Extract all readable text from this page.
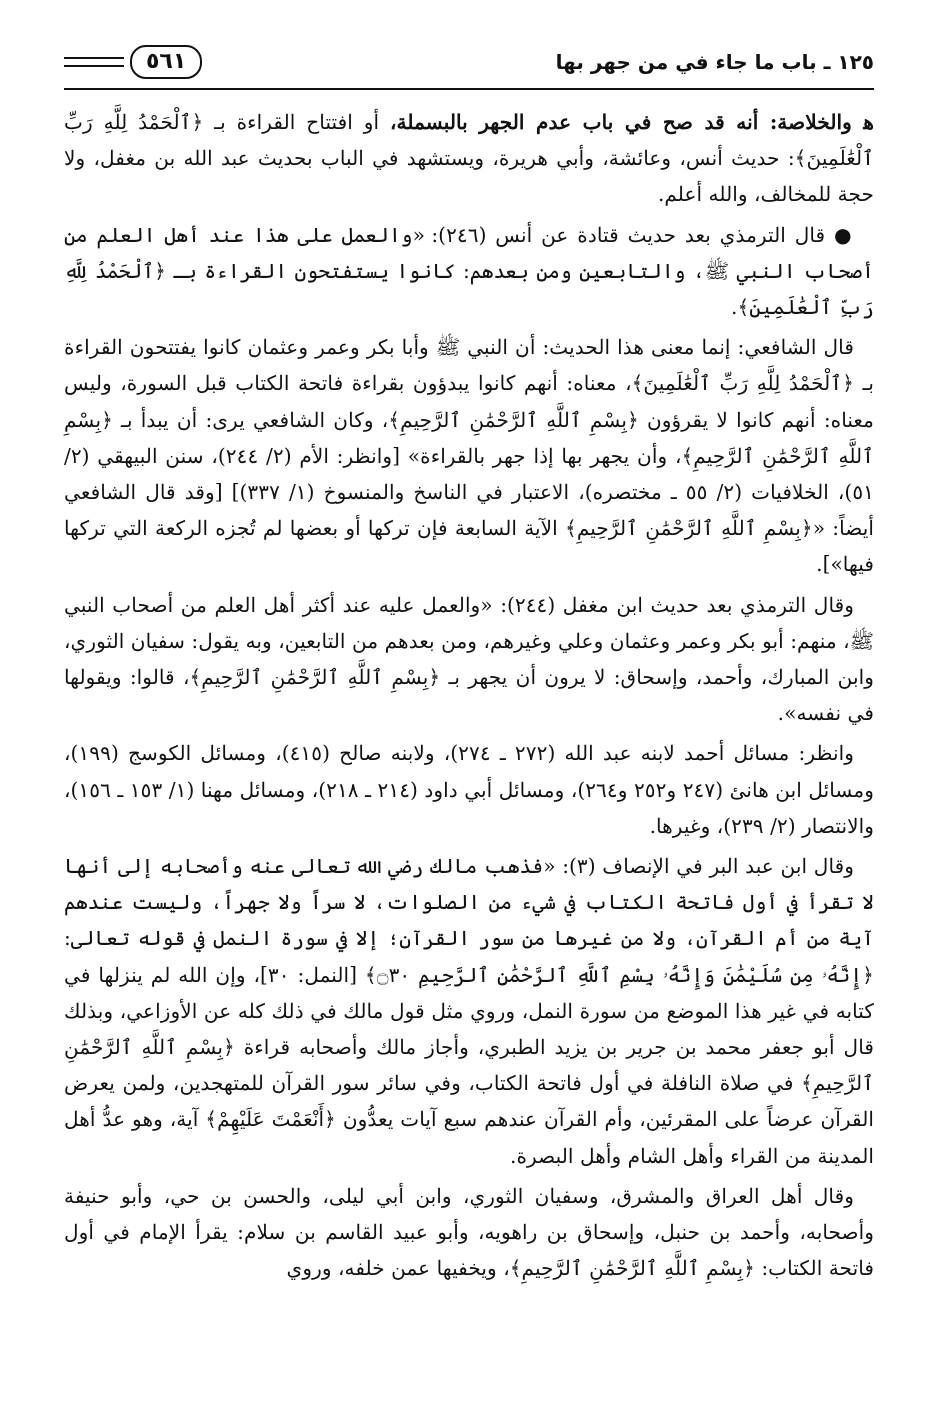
١٢٥ ـ باب ما جاء في من جهر بها
٥٦١

ﻫ والخلاصة: أنه قد صح في باب عدم الجهر بالبسملة، أو افتتاح القراءة بـ ﴿ٱلْحَمْدُ لِلَّهِ رَبِّ ٱلْعَٰلَمِينَ﴾: حديث أنس، وعائشة، وأبي هريرة، ويستشهد في الباب بحديث عبد الله بن مغفل، ولا حجة للمخالف، والله أعلم.

● قال الترمذي بعد حديث قتادة عن أنس (٢٤٦): «والعمل على هذا عند أهل العلم من أصحاب النبي ﷺ، والتابعين ومن بعدهم: كانوا يستفتحون القراءة بـ ﴿ٱلْحَمْدُ لِلَّهِ رَبِّ ٱلْعَٰلَمِينَ﴾.

قال الشافعي: إنما معنى هذا الحديث: أن النبي ﷺ وأبا بكر وعمر وعثمان كانوا يفتتحون القراءة بـ ﴿ٱلْحَمْدُ لِلَّهِ رَبِّ ٱلْعَٰلَمِينَ﴾، معناه: أنهم كانوا يبدؤون بقراءة فاتحة الكتاب قبل السورة، وليس معناه: أنهم كانوا لا يقرؤون ﴿بِسْمِ ٱللَّهِ ٱلرَّحْمَٰنِ ٱلرَّحِيمِ﴾، وكان الشافعي يرى: أن يبدأ بـ ﴿بِسْمِ ٱللَّهِ ٱلرَّحْمَٰنِ ٱلرَّحِيمِ﴾، وأن يجهر بها إذا جهر بالقراءة» [وانظر: الأم (٢/ ٢٤٤)، سنن البيهقي (٢/ ٥١)، الخلافيات (٢/ ٥٥ ـ مختصره)، الاعتبار في الناسخ والمنسوخ (١/ ٣٣٧)] [وقد قال الشافعي أيضاً: «﴿بِسْمِ ٱللَّهِ ٱلرَّحْمَٰنِ ٱلرَّحِيمِ﴾ الآية السابعة فإن تركها أو بعضها لم تُجزه الركعة التي تركها فيها»].

وقال الترمذي بعد حديث ابن مغفل (٢٤٤): «والعمل عليه عند أكثر أهل العلم من أصحاب النبي ﷺ، منهم: أبو بكر وعمر وعثمان وعلي وغيرهم، ومن بعدهم من التابعين، وبه يقول: سفيان الثوري، وابن المبارك، وأحمد، وإسحاق: لا يرون أن يجهر بـ ﴿بِسْمِ ٱللَّهِ ٱلرَّحْمَٰنِ ٱلرَّحِيمِ﴾، قالوا: ويقولها في نفسه».

وانظر: مسائل أحمد لابنه عبد الله (٢٧٢ ـ ٢٧٤)، ولابنه صالح (٤١٥)، ومسائل الكوسج (١٩٩)، ومسائل ابن هانئ (٢٤٧ و٢٥٢ و٢٦٤)، ومسائل أبي داود (٢١٤ ـ ٢١٨)، ومسائل مهنا (١/ ١٥٣ ـ ١٥٦)، والانتصار (٢/ ٢٣٩)، وغيرها.

وقال ابن عبد البر في الإنصاف (٣): «فذهب مالك رضي الله تعالى عنه وأصحابه إلى أنها لا تقرأ في أول فاتحة الكتاب في شيء من الصلوات، لا سراً ولا جهراً، وليست عندهم آية من أم القرآن، ولا من غيرها من سور القرآن؛ إلا في سورة النمل في قوله تعالى: ﴿إِنَّهُۥ مِن سُلَيْمَٰنَ وَإِنَّهُۥ بِسْمِ ٱللَّهِ ٱلرَّحْمَٰنِ ٱلرَّحِيمِ ۝٣٠﴾ [النمل: ٣٠]، وإن الله لم ينزلها في كتابه في غير هذا الموضع من سورة النمل، وروي مثل قول مالك في ذلك كله عن الأوزاعي، وبذلك قال أبو جعفر محمد بن جرير بن يزيد الطبري، وأجاز مالك وأصحابه قراءة ﴿بِسْمِ ٱللَّهِ ٱلرَّحْمَٰنِ ٱلرَّحِيمِ﴾ في صلاة النافلة في أول فاتحة الكتاب، وفي سائر سور القرآن للمتهجدين، ولمن يعرض القرآن عرضاً على المقرئين، وأم القرآن عندهم سبع آيات يعدُّون ﴿أَنْعَمْتَ عَلَيْهِمْ﴾ آية، وهو عدُّ أهل المدينة من القراء وأهل الشام وأهل البصرة.

وقال أهل العراق والمشرق، وسفيان الثوري، وابن أبي ليلى، والحسن بن حي، وأبو حنيفة وأصحابه، وأحمد بن حنبل، وإسحاق بن راهويه، وأبو عبيد القاسم بن سلام: يقرأ الإمام في أول فاتحة الكتاب: ﴿بِسْمِ ٱللَّهِ ٱلرَّحْمَٰنِ ٱلرَّحِيمِ﴾، ويخفيها عمن خلفه، وروي
